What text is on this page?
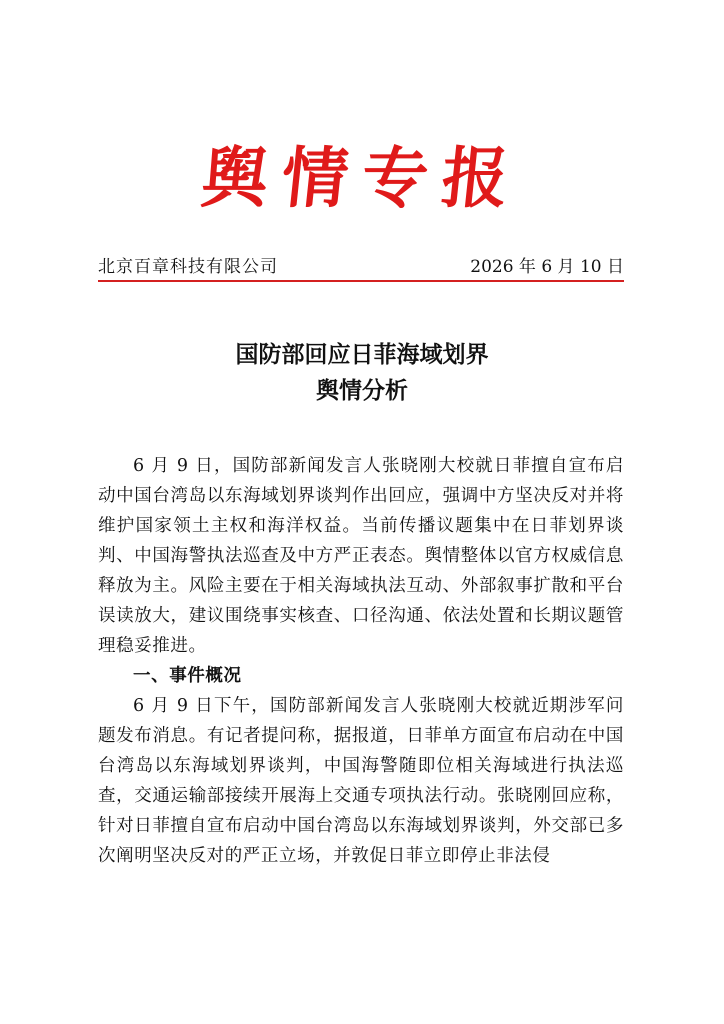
舆情专报
北京百章科技有限公司	2026 年 6 月 10 日
国防部回应日菲海域划界
舆情分析

6 月 9 日，国防部新闻发言人张晓刚大校就日菲擅自宣布启动中国台湾岛以东海域划界谈判作出回应，强调中方坚决反对并将维护国家领土主权和海洋权益。当前传播议题集中在日菲划界谈判、中国海警执法巡查及中方严正表态。舆情整体以官方权威信息释放为主。风险主要在于相关海域执法互动、外部叙事扩散和平台误读放大，建议围绕事实核查、口径沟通、依法处置和长期议题管理稳妥推进。

一、事件概况

6 月 9 日下午，国防部新闻发言人张晓刚大校就近期涉军问题发布消息。有记者提问称，据报道，日菲单方面宣布启动在中国台湾岛以东海域划界谈判，中国海警随即位相关海域进行执法巡查，交通运输部接续开展海上交通专项执法行动。张晓刚回应称，针对日菲擅自宣布启动中国台湾岛以东海域划界谈判，外交部已多次阐明坚决反对的严正立场，并敦促日菲立即停止非法侵
